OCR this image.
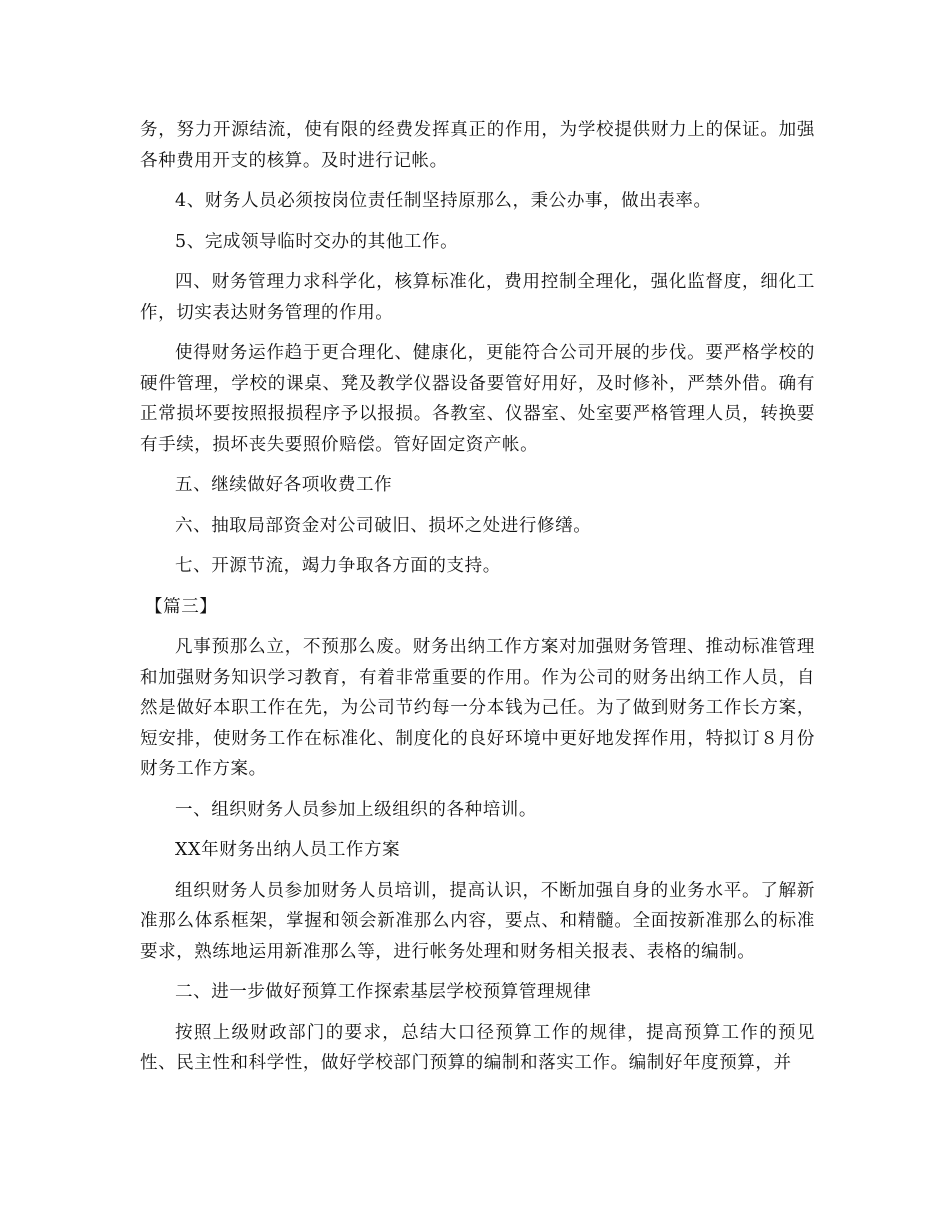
务，努力开源结流，使有限的经费发挥真正的作用，为学校提供财力上的保证。加强各种费用开支的核算。及时进行记帐。

4、财务人员必须按岗位责任制坚持原那么，秉公办事，做出表率。

5、完成领导临时交办的其他工作。

四、财务管理力求科学化，核算标准化，费用控制全理化，强化监督度，细化工作，切实表达财务管理的作用。

使得财务运作趋于更合理化、健康化，更能符合公司开展的步伐。要严格学校的硬件管理，学校的课桌、凳及教学仪器设备要管好用好，及时修补，严禁外借。确有正常损坏要按照报损程序予以报损。各教室、仪器室、处室要严格管理人员，转换要有手续，损坏丧失要照价赔偿。管好固定资产帐。

五、继续做好各项收费工作

六、抽取局部资金对公司破旧、损坏之处进行修缮。

七、开源节流，竭力争取各方面的支持。

【篇三】

凡事预那么立，不预那么废。财务出纳工作方案对加强财务管理、推动标准管理和加强财务知识学习教育，有着非常重要的作用。作为公司的财务出纳工作人员，自然是做好本职工作在先，为公司节约每一分本钱为己任。为了做到财务工作长方案，短安排，使财务工作在标准化、制度化的良好环境中更好地发挥作用，特拟订８月份财务工作方案。

一、组织财务人员参加上级组织的各种培训。

XX年财务出纳人员工作方案

组织财务人员参加财务人员培训，提高认识，不断加强自身的业务水平。了解新准那么体系框架，掌握和领会新准那么内容，要点、和精髓。全面按新准那么的标准要求，熟练地运用新准那么等，进行帐务处理和财务相关报表、表格的编制。

二、进一步做好预算工作探索基层学校预算管理规律

按照上级财政部门的要求，总结大口径预算工作的规律，提高预算工作的预见性、民主性和科学性，做好学校部门预算的编制和落实工作。编制好年度预算，并
